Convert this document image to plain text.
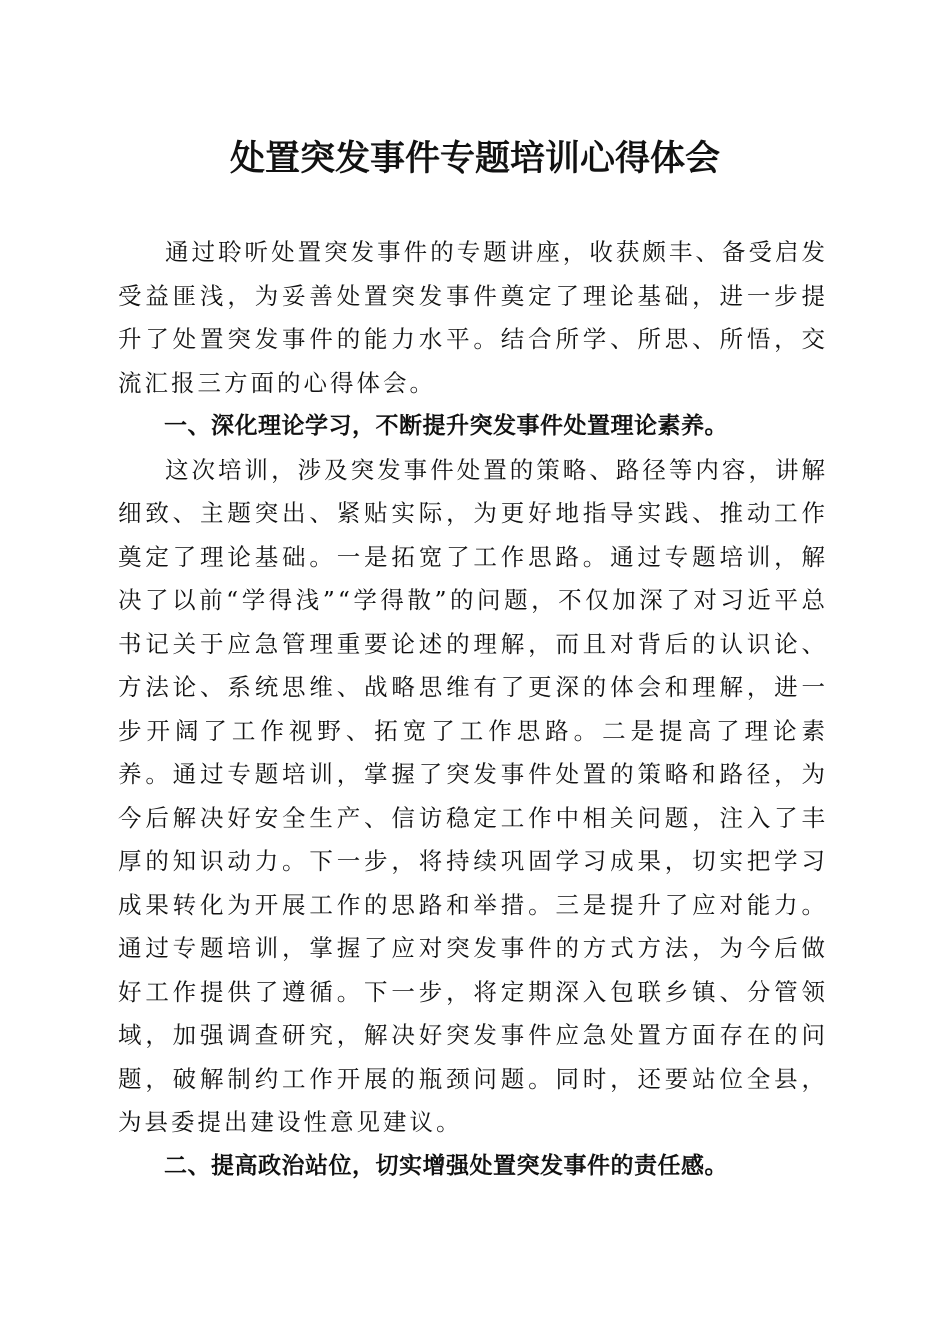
处置突发事件专题培训心得体会

通过聆听处置突发事件的专题讲座，收获颇丰、备受启发受益匪浅，为妥善处置突发事件奠定了理论基础，进一步提升了处置突发事件的能力水平。结合所学、所思、所悟，交流汇报三方面的心得体会。

一、深化理论学习，不断提升突发事件处置理论素养。

这次培训，涉及突发事件处置的策略、路径等内容，讲解细致、主题突出、紧贴实际，为更好地指导实践、推动工作奠定了理论基础。一是拓宽了工作思路。通过专题培训，解决了以前“学得浅”“学得散”的问题，不仅加深了对习近平总书记关于应急管理重要论述的理解，而且对背后的认识论、方法论、系统思维、战略思维有了更深的体会和理解，进一步开阔了工作视野、拓宽了工作思路。二是提高了理论素养。通过专题培训，掌握了突发事件处置的策略和路径，为今后解决好安全生产、信访稳定工作中相关问题，注入了丰厚的知识动力。下一步，将持续巩固学习成果，切实把学习成果转化为开展工作的思路和举措。三是提升了应对能力。通过专题培训，掌握了应对突发事件的方式方法，为今后做好工作提供了遵循。下一步，将定期深入包联乡镇、分管领域，加强调查研究，解决好突发事件应急处置方面存在的问题，破解制约工作开展的瓶颈问题。同时，还要站位全县，为县委提出建设性意见建议。

二、提高政治站位，切实增强处置突发事件的责任感。
